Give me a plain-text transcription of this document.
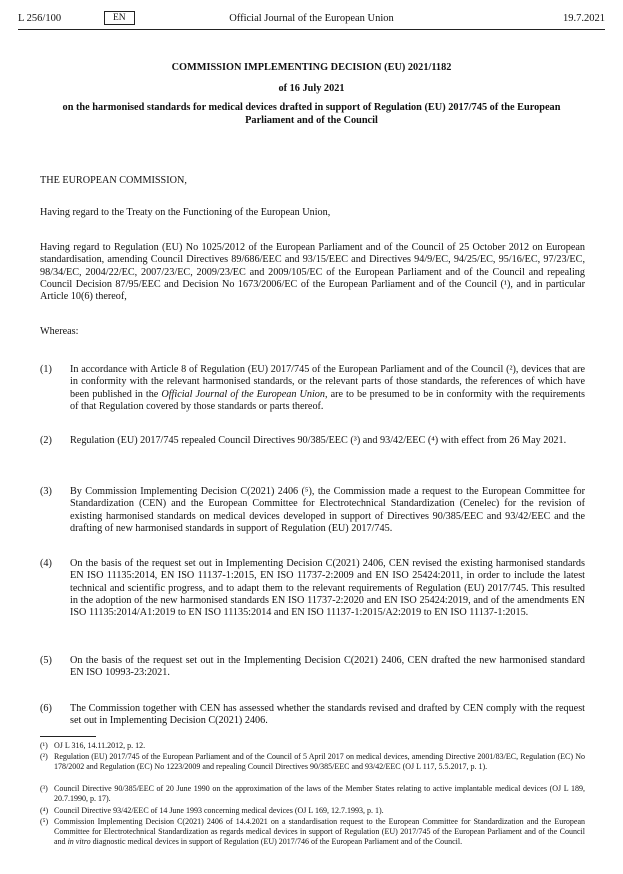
L 256/100	EN	Official Journal of the European Union	19.7.2021
COMMISSION IMPLEMENTING DECISION (EU) 2021/1182
of 16 July 2021
on the harmonised standards for medical devices drafted in support of Regulation (EU) 2017/745 of the European Parliament and of the Council
THE EUROPEAN COMMISSION,
Having regard to the Treaty on the Functioning of the European Union,
Having regard to Regulation (EU) No 1025/2012 of the European Parliament and of the Council of 25 October 2012 on European standardisation, amending Council Directives 89/686/EEC and 93/15/EEC and Directives 94/9/EC, 94/25/EC, 95/16/EC, 97/23/EC, 98/34/EC, 2004/22/EC, 2007/23/EC, 2009/23/EC and 2009/105/EC of the European Parliament and of the Council and repealing Council Decision 87/95/EEC and Decision No 1673/2006/EC of the European Parliament and of the Council (¹), and in particular Article 10(6) thereof,
Whereas:
(1) In accordance with Article 8 of Regulation (EU) 2017/745 of the European Parliament and of the Council (²), devices that are in conformity with the relevant harmonised standards, or the relevant parts of those standards, the references of which have been published in the Official Journal of the European Union, are to be presumed to be in conformity with the requirements of that Regulation covered by those standards or parts thereof.
(2) Regulation (EU) 2017/745 repealed Council Directives 90/385/EEC (³) and 93/42/EEC (⁴) with effect from 26 May 2021.
(3) By Commission Implementing Decision C(2021) 2406 (⁵), the Commission made a request to the European Committee for Standardization (CEN) and the European Committee for Electrotechnical Standardization (Cenelec) for the revision of existing harmonised standards on medical devices developed in support of Directives 90/385/EEC and 93/42/EEC and the drafting of new harmonised standards in support of Regulation (EU) 2017/745.
(4) On the basis of the request set out in Implementing Decision C(2021) 2406, CEN revised the existing harmonised standards EN ISO 11135:2014, EN ISO 11137-1:2015, EN ISO 11737-2:2009 and EN ISO 25424:2011, in order to include the latest technical and scientific progress, and to adapt them to the relevant requirements of Regulation (EU) 2017/745. This resulted in the adoption of the new harmonised standards EN ISO 11737-2:2020 and EN ISO 25424:2019, and of the amendments EN ISO 11135:2014/A1:2019 to EN ISO 11135:2014 and EN ISO 11137-1:2015/A2:2019 to EN ISO 11137-1:2015.
(5) On the basis of the request set out in the Implementing Decision C(2021) 2406, CEN drafted the new harmonised standard EN ISO 10993-23:2021.
(6) The Commission together with CEN has assessed whether the standards revised and drafted by CEN comply with the request set out in Implementing Decision C(2021) 2406.
(¹) OJ L 316, 14.11.2012, p. 12.
(²) Regulation (EU) 2017/745 of the European Parliament and of the Council of 5 April 2017 on medical devices, amending Directive 2001/83/EC, Regulation (EC) No 178/2002 and Regulation (EC) No 1223/2009 and repealing Council Directives 90/385/EEC and 93/42/EEC (OJ L 117, 5.5.2017, p. 1).
(³) Council Directive 90/385/EEC of 20 June 1990 on the approximation of the laws of the Member States relating to active implantable medical devices (OJ L 189, 20.7.1990, p. 17).
(⁴) Council Directive 93/42/EEC of 14 June 1993 concerning medical devices (OJ L 169, 12.7.1993, p. 1).
(⁵) Commission Implementing Decision C(2021) 2406 of 14.4.2021 on a standardisation request to the European Committee for Standardization and the European Committee for Electrotechnical Standardization as regards medical devices in support of Regulation (EU) 2017/745 of the European Parliament and of the Council and in vitro diagnostic medical devices in support of Regulation (EU) 2017/746 of the European Parliament and of the Council.
